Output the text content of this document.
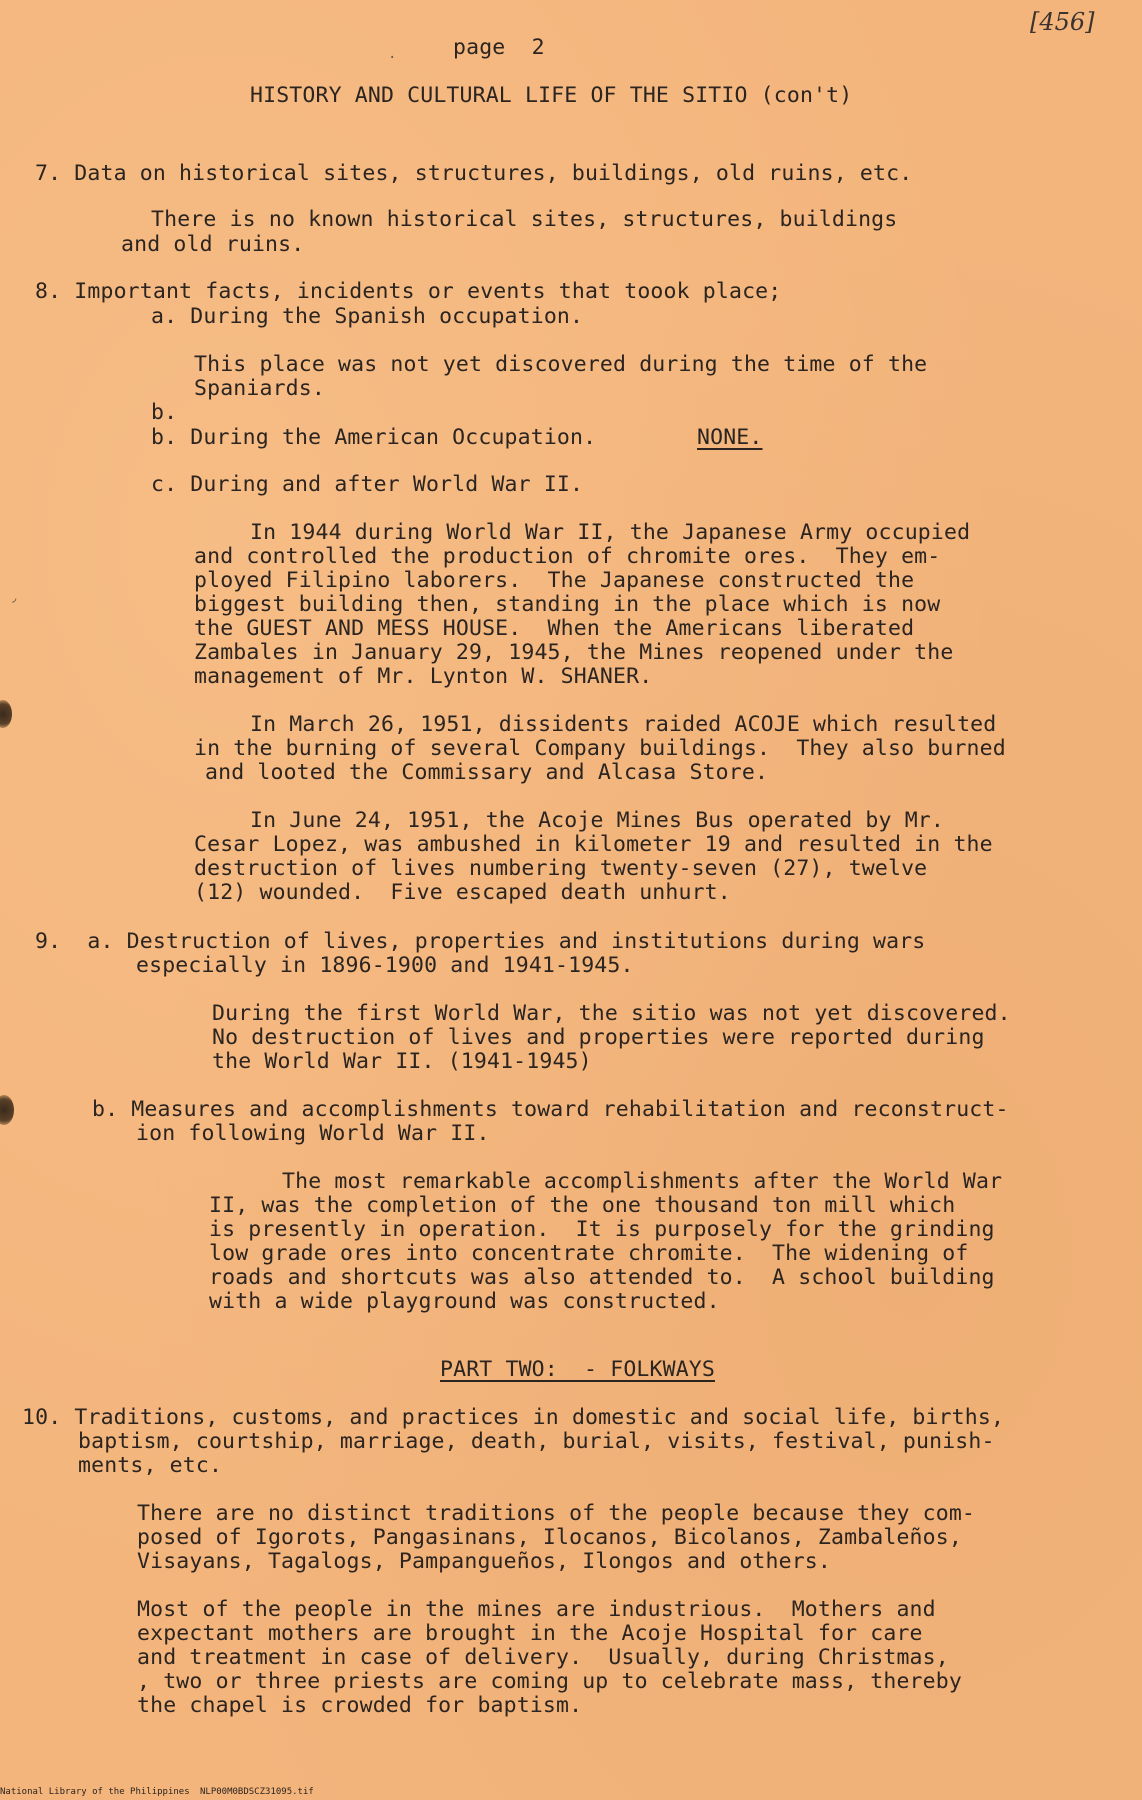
[456]
page  2
HISTORY AND CULTURAL LIFE OF THE SITIO (con't)
7. Data on historical sites, structures, buildings, old ruins, etc.
There is no known historical sites, structures, buildings
and old ruins.
8. Important facts, incidents or events that toook place;
a. During the Spanish occupation.
This place was not yet discovered during the time of the
Spaniards.
b.
b. During the American Occupation.	NONE.
c. During and after World War II.
In 1944 during World War II, the Japanese Army occupied
and controlled the production of chromite ores.  They em-
ployed Filipino laborers.  The Japanese constructed the
biggest building then, standing in the place which is now
the GUEST AND MESS HOUSE.  When the Americans liberated
Zambales in January 29, 1945, the Mines reopened under the
management of Mr. Lynton W. SHANER.
In March 26, 1951, dissidents raided ACOJE which resulted
in the burning of several Company buildings.  They also burned
and looted the Commissary and Alcasa Store.
In June 24, 1951, the Acoje Mines Bus operated by Mr.
Cesar Lopez, was ambushed in kilometer 19 and resulted in the
destruction of lives numbering twenty-seven (27), twelve
(12) wounded.  Five escaped death unhurt.
9.  a. Destruction of lives, properties and institutions during wars
especially in 1896-1900 and 1941-1945.
During the first World War, the sitio was not yet discovered.
No destruction of lives and properties were reported during
the World War II. (1941-1945)
b. Measures and accomplishments toward rehabilitation and reconstruct-
ion following World War II.
The most remarkable accomplishments after the World War
II, was the completion of the one thousand ton mill which
is presently in operation.  It is purposely for the grinding
low grade ores into concentrate chromite.  The widening of
roads and shortcuts was also attended to.  A school building
with a wide playground was constructed.
PART TWO:  - FOLKWAYS
10. Traditions, customs, and practices in domestic and social life, births,
baptism, courtship, marriage, death, burial, visits, festival, punish-
ments, etc.
There are no distinct traditions of the people because they com-
posed of Igorots, Pangasinans, Ilocanos, Bicolanos, Zambaleños,
Visayans, Tagalogs, Pampangueños, Ilongos and others.
Most of the people in the mines are industrious.  Mothers and
expectant mothers are brought in the Acoje Hospital for care
and treatment in case of delivery.  Usually, during Christmas,
, two or three priests are coming up to celebrate mass, thereby
the chapel is crowded for baptism.
◞
·
National Library of the Philippines NLP00M0BDSCZ31095.tif
